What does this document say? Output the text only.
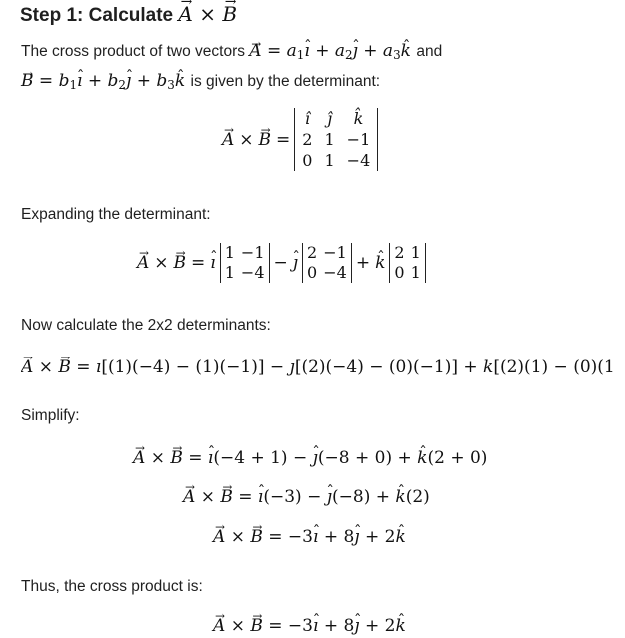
Step 1: Calculate → A × → B
The cross product of two vectors → $A = a_1ˆ$ ı + $a_2ˆ$ ȷ + $a_3ˆ$ k and → $B = b_1ˆ$ ı + $b_2ˆ$ ȷ + $b_3ˆ$ k is given by the determinant:
→ A × → B =
î	ĵ	k̂
2	1	−1
0	1	−4
Expanding the determinant:
→ A × → B = ˆ ı
1	−1
1	−4 − ˆ ȷ
2	−1
0	−4 + ˆ k
2	1
0	1
Now calculate the 2x2 determinants:
→ A × → B = ˆ ı[(1)(−4) − (1)(−1)] − ˆ ȷ[(2)(−4) − (0)(−1)] + ˆ k[(2)(1) − (0)(1
Simplify:
→ A × → B = ˆ ı(−4 + 1) − ˆ ȷ(−8 + 0) + ˆ k(2 + 0)
→ A × → B = ˆ ı(−3) − ˆ ȷ(−8) + ˆ k(2)
→ A × → B = −3ˆ ı + 8ˆ ȷ + 2ˆ k
Thus, the cross product is:
→ A × → B = −3ˆ ı + 8ˆ ȷ + 2ˆ k
